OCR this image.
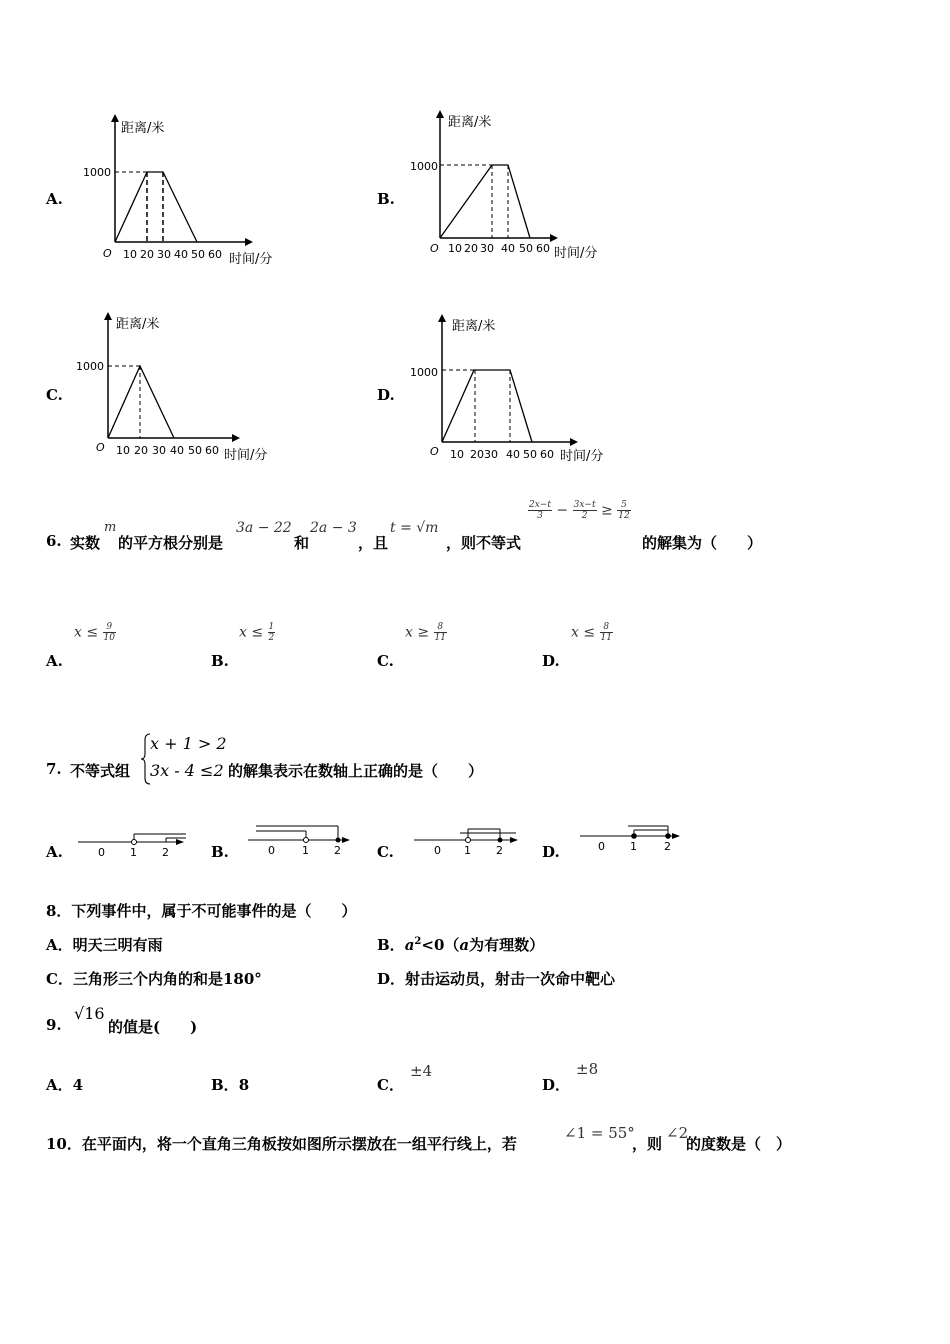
A.
距离/米
1000
O 10 20 30 40 50 60 时间/分
B.
距离/米
1000
O 10 20 30 40 50 60 时间/分
C.
距离/米
1000
O 10 20 30 40 50 60 时间/分
D.
距离/米
1000
O 10 20 30 40 50 60 时间/分
6. 实数
m
的平方根分别是
3a − 22
和
2a − 3
，且
t = √m
，则不等式
$\frac{2x-t}{3} - \frac{3x-t}{2} \ge \frac{5}{12}$
的解集为（　　）
A.
$x \le \frac{9}{10}$
B.
$x \le \frac{1}{2}$
C.
$x \ge \frac{8}{11}$
D.
$x \le \frac{8}{11}$
7. 不等式组
x + 1 > 2
3x - 4 ≤2 的解集表示在数轴上正确的是（　　）
A.	0 1 2	B.	0 1 2 C.	0 1 2	D.	0 1 2
8．下列事件中，属于不可能事件的是（　　）
A．明天三明有雨	B．$a^2<0(a$为有理数）
C．三角形三个内角的和是180°	D．射击运动员，射击一次命中靶心
9.
√16
的值是(　　)
A．4	B．8	C．
±4
D．
±8
10．在平面内，将一个直角三角板按如图所示摆放在一组平行线上，若
∠1 = 55°
，则
∠2
的度数是（　）
